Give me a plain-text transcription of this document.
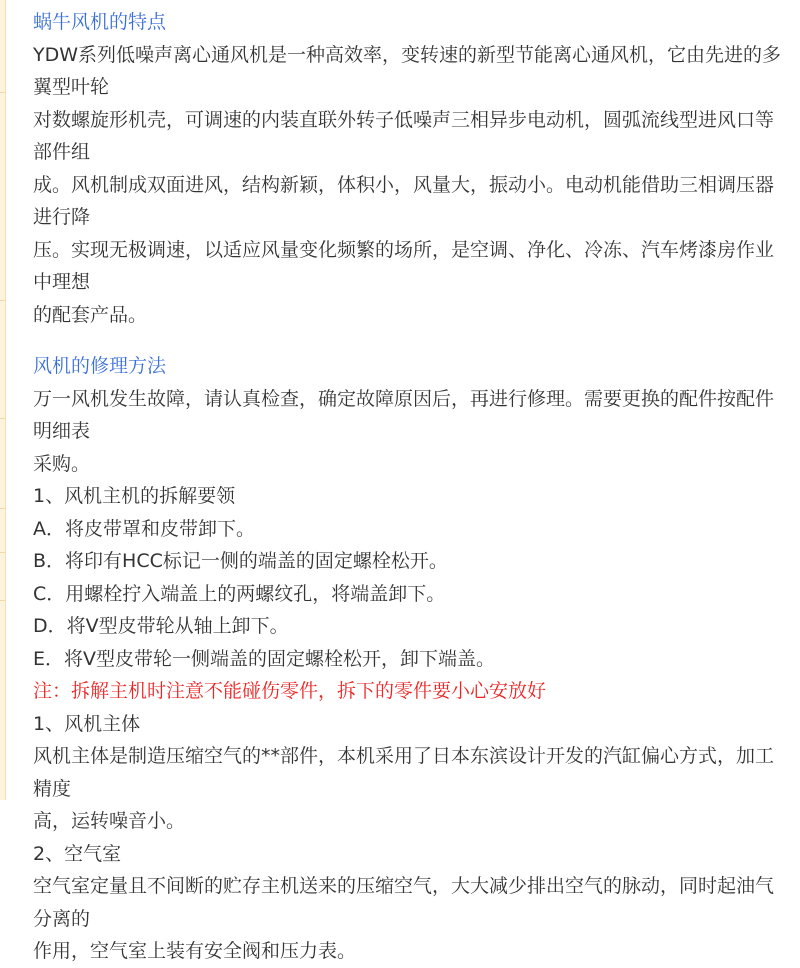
蜗牛风机的特点
YDW系列低噪声离心通风机是一种高效率，变转速的新型节能离心通风机，它由先进的多翼型叶轮
对数螺旋形机壳，可调速的内装直联外转子低噪声三相异步电动机，圆弧流线型进风口等部件组
成。风机制成双面进风，结构新颖，体积小，风量大，振动小。电动机能借助三相调压器进行降
压。实现无极调速，以适应风量变化频繁的场所，是空调、净化、冷冻、汽车烤漆房作业中理想
的配套产品。
风机的修理方法
万一风机发生故障，请认真检查，确定故障原因后，再进行修理。需要更换的配件按配件明细表
采购。
1、风机主机的拆解要领
A．将皮带罩和皮带卸下。
B．将印有HCC标记一侧的端盖的固定螺栓松开。
C．用螺栓拧入端盖上的两螺纹孔，将端盖卸下。
D．将V型皮带轮从轴上卸下。
E．将V型皮带轮一侧端盖的固定螺栓松开，卸下端盖。
注：拆解主机时注意不能碰伤零件，拆下的零件要小心安放好
1、风机主体
风机主体是制造压缩空气的**部件，本机采用了日本东滨设计开发的汽缸偏心方式，加工精度
高，运转噪音小。
2、空气室
空气室定量且不间断的贮存主机送来的压缩空气，大大减少排出空气的脉动，同时起油气分离的
作用，空气室上装有安全阀和压力表。
